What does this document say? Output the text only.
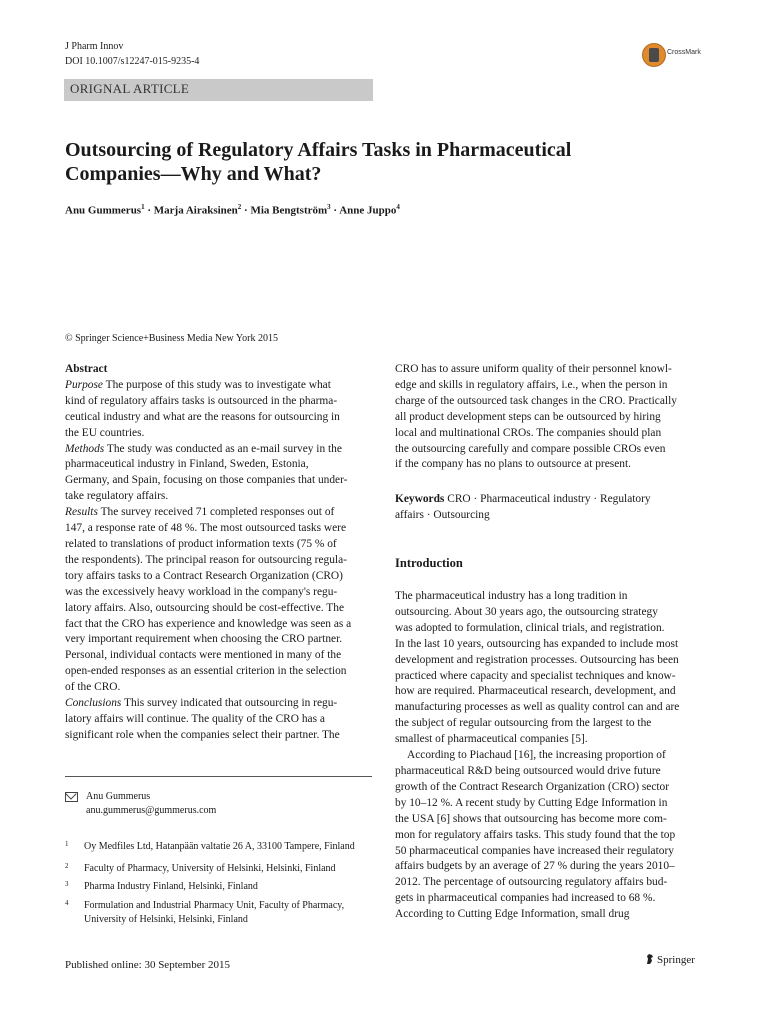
J Pharm Innov
DOI 10.1007/s12247-015-9235-4
CrossMark
ORIGNAL ARTICLE
Outsourcing of Regulatory Affairs Tasks in Pharmaceutical
Companies—Why and What?
Anu Gummerus$^1$ · Marja Airaksinen$^2$ · Mia Bengtström$^3$ · Anne Juppo$^4$
© Springer Science+Business Media New York 2015

Abstract

Purpose The purpose of this study was to investigate what

kind of regulatory affairs tasks is outsourced in the pharma-

ceutical industry and what are the reasons for outsourcing in

the EU countries.

Methods The study was conducted as an e-mail survey in the

pharmaceutical industry in Finland, Sweden, Estonia,

Germany, and Spain, focusing on those companies that under-

take regulatory affairs.

Results The survey received 71 completed responses out of

147, a response rate of 48 %. The most outsourced tasks were

related to translations of product information texts (75 % of

the respondents). The principal reason for outsourcing regula-

tory affairs tasks to a Contract Research Organization (CRO)

was the excessively heavy workload in the company's regu-

latory affairs. Also, outsourcing should be cost-effective. The

fact that the CRO has experience and knowledge was seen as a

very important requirement when choosing the CRO partner.

Personal, individual contacts were mentioned in many of the

open-ended responses as an essential criterion in the selection

of the CRO.

Conclusions This survey indicated that outsourcing in regu-

latory affairs will continue. The quality of the CRO has a

significant role when the companies select their partner. The

CRO has to assure uniform quality of their personnel knowl-

edge and skills in regulatory affairs, i.e., when the person in

charge of the outsourced task changes in the CRO. Practically

all product development steps can be outsourced by hiring

local and multinational CROs. The companies should plan

the outsourcing carefully and compare possible CROs even

if the company has no plans to outsource at present.

Keywords CRO · Pharmaceutical industry · Regulatory

affairs · Outsourcing

Introduction

The pharmaceutical industry has a long tradition in

outsourcing. About 30 years ago, the outsourcing strategy

was adopted to formulation, clinical trials, and registration.

In the last 10 years, outsourcing has expanded to include most

development and registration processes. Outsourcing has been

practiced where capacity and specialist techniques and know-

how are required. Pharmaceutical research, development, and

manufacturing processes as well as quality control can and are

the subject of regular outsourcing from the largest to the

smallest of pharmaceutical companies [5].

According to Piachaud [16], the increasing proportion of

pharmaceutical R&D being outsourced would drive future

growth of the Contract Research Organization (CRO) sector

by 10–12 %. A recent study by Cutting Edge Information in

the USA [6] shows that outsourcing has become more com-

mon for regulatory affairs tasks. This study found that the top

50 pharmaceutical companies have increased their regulatory

affairs budgets by an average of 27 % during the years 2010–

2012. The percentage of outsourcing regulatory affairs bud-

gets in pharmaceutical companies had increased to 68 %.

According to Cutting Edge Information, small drug

Anu Gummerus
anu.gummerus@gummerus.com
1 Oy Medfiles Ltd, Hatanpään valtatie 26 A, 33100 Tampere, Finland
2 Faculty of Pharmacy, University of Helsinki, Helsinki, Finland
3 Pharma Industry Finland, Helsinki, Finland
4 Formulation and Industrial Pharmacy Unit, Faculty of Pharmacy,
University of Helsinki, Helsinki, Finland
Published online: 30 September 2015	Springer
